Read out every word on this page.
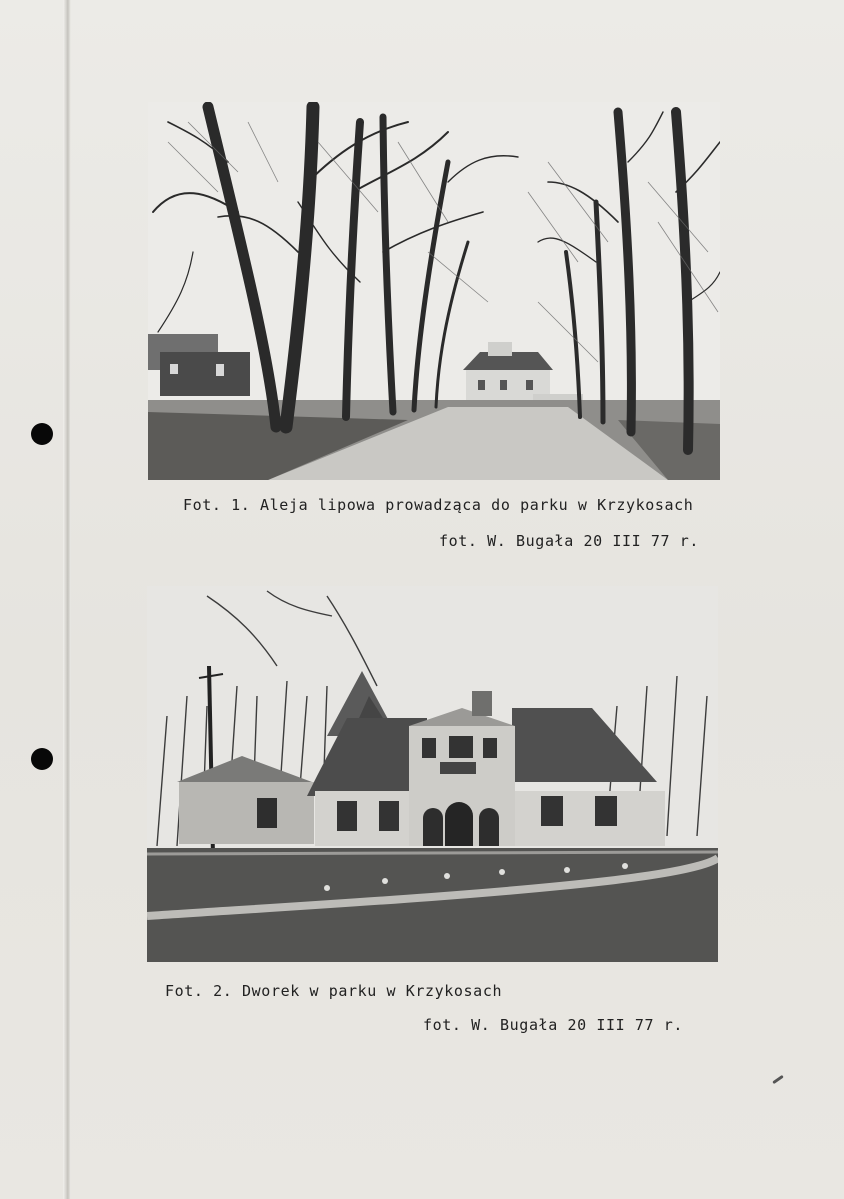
Fot. 1. Aleja lipowa prowadząca do parku w Krzykosach
fot. W. Bugała 20 III 77 r.
Fot. 2. Dworek w parku w Krzykosach
fot. W. Bugała 20 III 77 r.
